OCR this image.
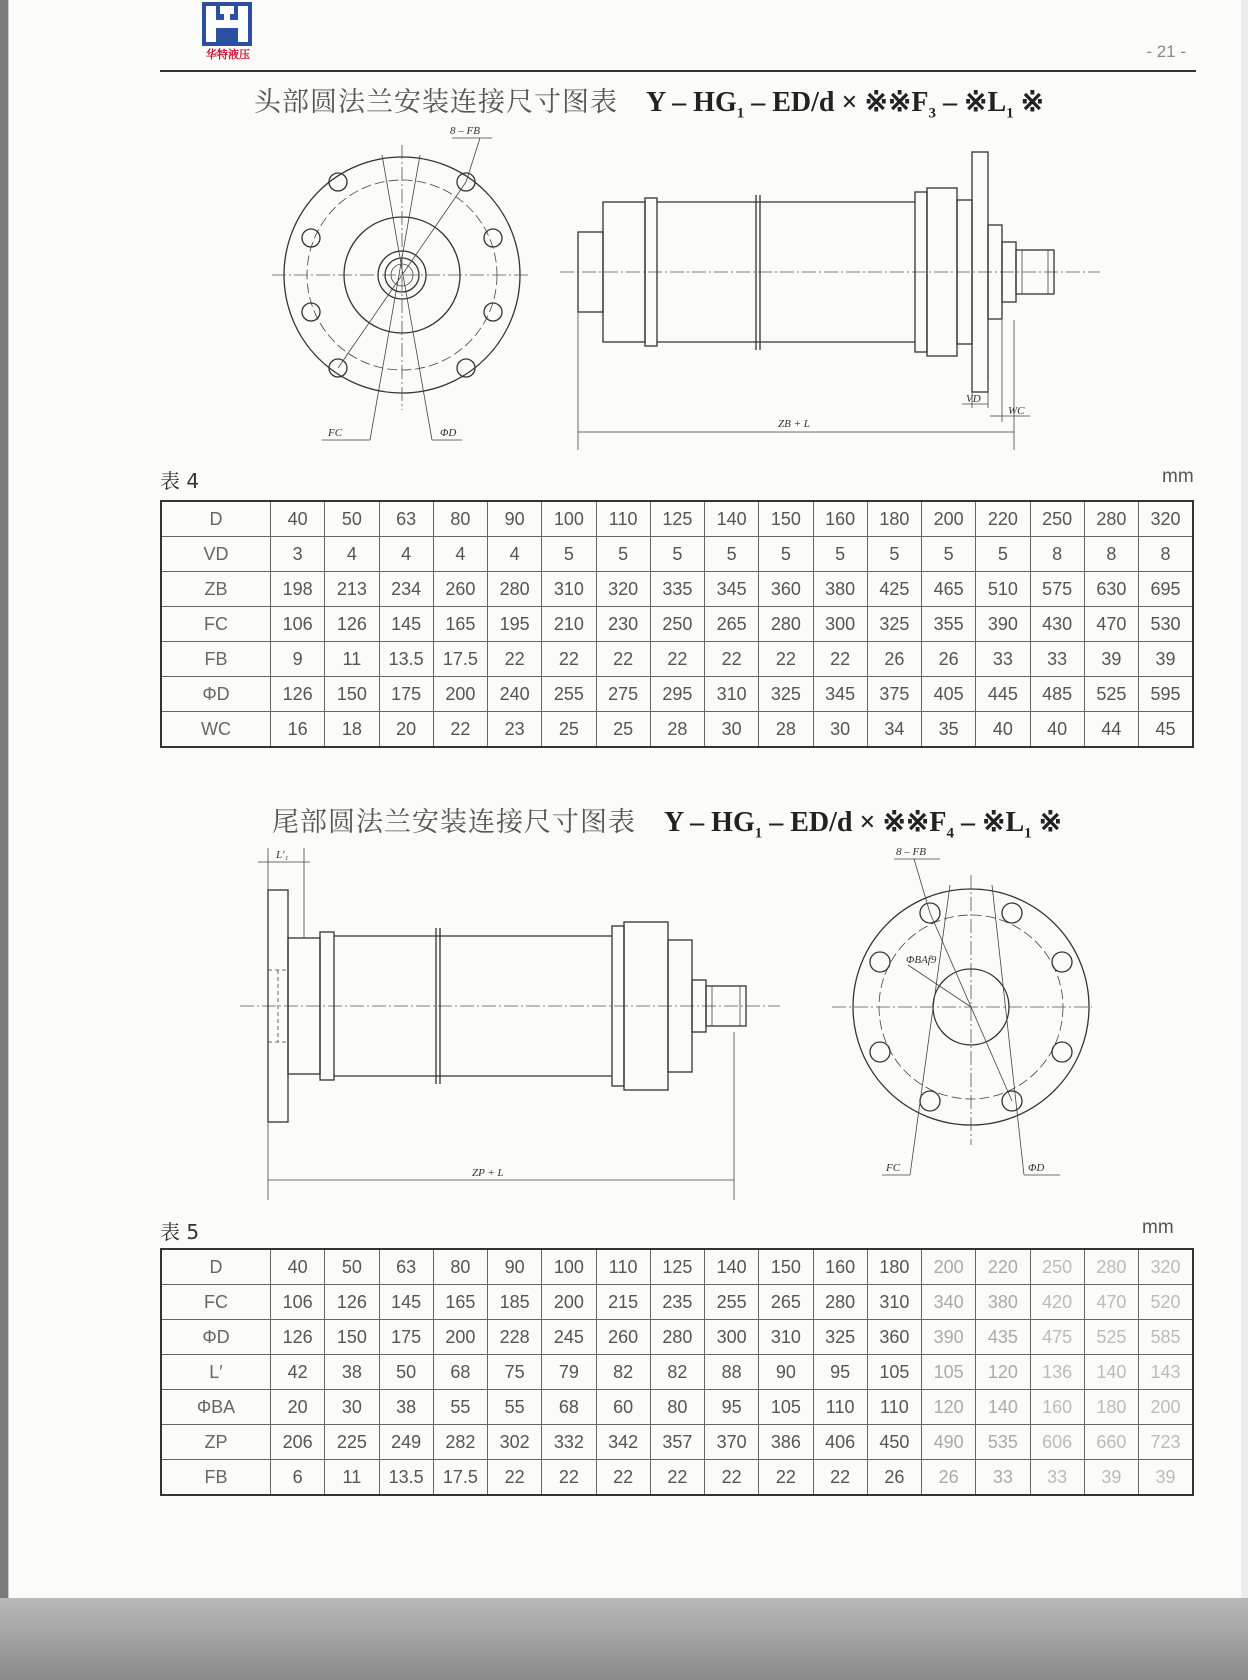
华特液压	- 21 -
头部圆法兰安装连接尺寸图表 Y – $HG_1 - ED/d$ × $※※F_3$ – $※L_1$ ※
8 – FB
FC	ΦD
VD
WC
ZB + L
表 4	mm
D	40	50	63	80	90	100	110	125	140	150	160	180	200	220	250	280	320
VD	3	4	4	4	4	5	5	5	5	5	5	5	5	5	8	8	8
ZB	198	213	234	260	280	310	320	335	345	360	380	425	465	510	575	630	695
FC	106	126	145	165	195	210	230	250	265	280	300	325	355	390	430	470	530
FB	9	11	13.5	17.5	22	22	22	22	22	22	22	26	26	33	33	39	39
ΦD	126	150	175	200	240	255	275	295	310	325	345	375	405	445	485	525	595
WC	16	18	20	22	23	25	25	28	30	28	30	34	35	40	40	44	45
尾部圆法兰安装连接尺寸图表 Y – $HG_1 - ED/d$ × $※※F_4$ – $※L_1$ ※
L′₁
ZP + L
8 – FB
ΦBAf9
FC	ΦD
表 5	mm
D	40	50	63	80	90	100	110	125	140	150	160	180	200	220	250	280	320
FC	106	126	145	165	185	200	215	235	255	265	280	310	340	380	420	470	520
ΦD	126	150	175	200	228	245	260	280	300	310	325	360	390	435	475	525	585
L′	42	38	50	68	75	79	82	82	88	90	95	105	105	120	136	140	143
ΦBA	20	30	38	55	55	68	60	80	95	105	110	110	120	140	160	180	200
ZP	206	225	249	282	302	332	342	357	370	386	406	450	490	535	606	660	723
FB	6	11	13.5	17.5	22	22	22	22	22	22	22	26	26	33	33	39	39
